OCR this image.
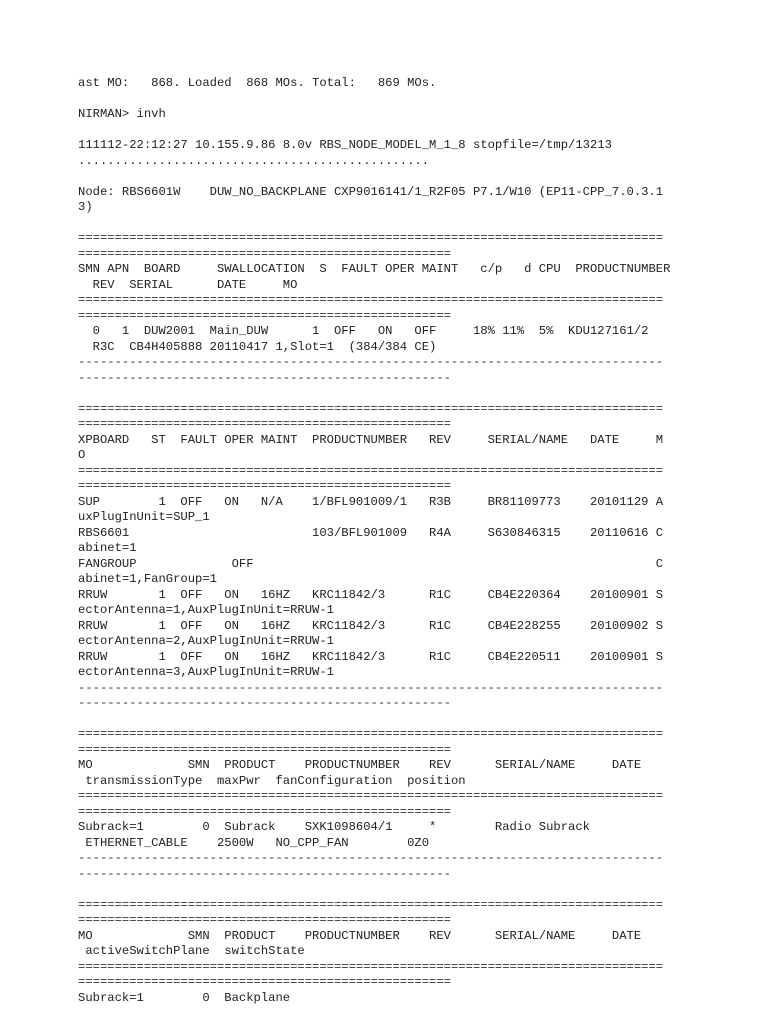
ast MO:   868. Loaded  868 MOs. Total:   869 MOs.
NIRMAN> invh
111112-22:12:27 10.155.9.86 8.0v RBS_NODE_MODEL_M_1_8 stopfile=/tmp/13213
................................................
Node: RBS6601W    DUW_NO_BACKPLANE CXP9016141/1_R2F05 P7.1/W10 (EP11-CPP_7.0.3.1
3)
================================================================================
===================================================
SMN APN  BOARD     SWALLOCATION  S  FAULT OPER MAINT   c/p   d CPU  PRODUCTNUMBER
REV  SERIAL      DATE     MO
================================================================================
===================================================
0   1  DUW2001  Main_DUW      1  OFF   ON   OFF     18% 11%  5%  KDU127161/2
R3C  CB4H405888 20110417 1,Slot=1  (384/384 CE)
--------------------------------------------------------------------------------
---------------------------------------------------
================================================================================
===================================================
XPBOARD   ST  FAULT OPER MAINT  PRODUCTNUMBER   REV     SERIAL/NAME   DATE     M
O
================================================================================
===================================================
SUP        1  OFF   ON   N/A    1/BFL901009/1   R3B     BR81109773    20101129 A
uxPlugInUnit=SUP_1
RBS6601                         103/BFL901009   R4A     S630846315    20110616 C
abinet=1
FANGROUP             OFF                                                       C
abinet=1,FanGroup=1
RRUW       1  OFF   ON   16HZ   KRC11842/3      R1C     CB4E220364    20100901 S
ectorAntenna=1,AuxPlugInUnit=RRUW-1
RRUW       1  OFF   ON   16HZ   KRC11842/3      R1C     CB4E228255    20100902 S
ectorAntenna=2,AuxPlugInUnit=RRUW-1
RRUW       1  OFF   ON   16HZ   KRC11842/3      R1C     CB4E220511    20100901 S
ectorAntenna=3,AuxPlugInUnit=RRUW-1
--------------------------------------------------------------------------------
---------------------------------------------------
================================================================================
===================================================
MO             SMN  PRODUCT    PRODUCTNUMBER    REV      SERIAL/NAME     DATE
transmissionType  maxPwr  fanConfiguration  position
================================================================================
===================================================
Subrack=1        0  Subrack    SXK1098604/1     *        Radio Subrack
ETHERNET_CABLE    2500W   NO_CPP_FAN        0Z0
--------------------------------------------------------------------------------
---------------------------------------------------
================================================================================
===================================================
MO             SMN  PRODUCT    PRODUCTNUMBER    REV      SERIAL/NAME     DATE
activeSwitchPlane  switchState
================================================================================
===================================================
Subrack=1        0  Backplane
